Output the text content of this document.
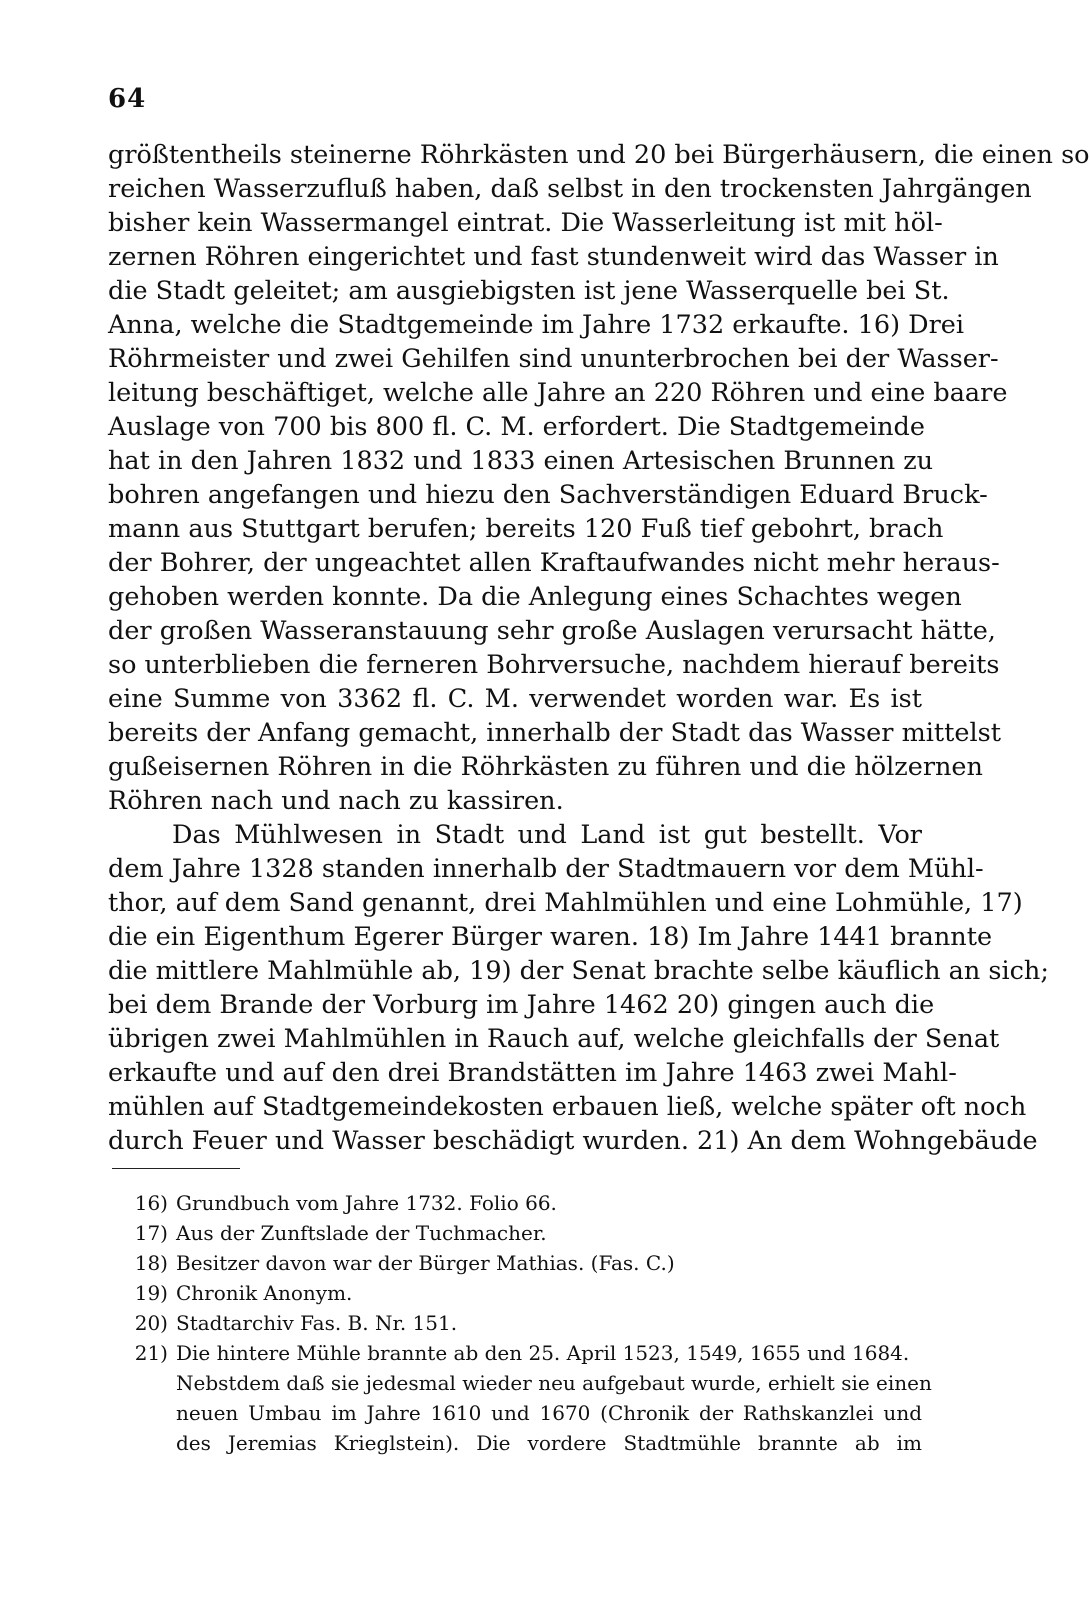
64
größtentheils steinerne Röhrkästen und 20 bei Bürgerhäusern, die einen so
reichen Wasserzufluß haben, daß selbst in den trockensten Jahrgängen
bisher kein Wassermangel eintrat. Die Wasserleitung ist mit höl-
zernen Röhren eingerichtet und fast stundenweit wird das Wasser in
die Stadt geleitet; am ausgiebigsten ist jene Wasserquelle bei St.
Anna, welche die Stadtgemeinde im Jahre 1732 erkaufte. 16) Drei
Röhrmeister und zwei Gehilfen sind ununterbrochen bei der Wasser-
leitung beschäftiget, welche alle Jahre an 220 Röhren und eine baare
Auslage von 700 bis 800 fl. C. M. erfordert. Die Stadtgemeinde
hat in den Jahren 1832 und 1833 einen Artesischen Brunnen zu
bohren angefangen und hiezu den Sachverständigen Eduard Bruck-
mann aus Stuttgart berufen; bereits 120 Fuß tief gebohrt, brach
der Bohrer, der ungeachtet allen Kraftaufwandes nicht mehr heraus-
gehoben werden konnte. Da die Anlegung eines Schachtes wegen
der großen Wasseranstauung sehr große Auslagen verursacht hätte,
so unterblieben die ferneren Bohrversuche, nachdem hierauf bereits
eine Summe von 3362 fl. C. M. verwendet worden war. Es ist
bereits der Anfang gemacht, innerhalb der Stadt das Wasser mittelst
gußeisernen Röhren in die Röhrkästen zu führen und die hölzernen
Röhren nach und nach zu kassiren.
Das Mühlwesen in Stadt und Land ist gut bestellt. Vor
dem Jahre 1328 standen innerhalb der Stadtmauern vor dem Mühl-
thor, auf dem Sand genannt, drei Mahlmühlen und eine Lohmühle, 17)
die ein Eigenthum Egerer Bürger waren. 18) Im Jahre 1441 brannte
die mittlere Mahlmühle ab, 19) der Senat brachte selbe käuflich an sich;
bei dem Brande der Vorburg im Jahre 1462 20) gingen auch die
übrigen zwei Mahlmühlen in Rauch auf, welche gleichfalls der Senat
erkaufte und auf den drei Brandstätten im Jahre 1463 zwei Mahl-
mühlen auf Stadtgemeindekosten erbauen ließ, welche später oft noch
durch Feuer und Wasser beschädigt wurden. 21) An dem Wohngebäude
16) Grundbuch vom Jahre 1732. Folio 66.
17) Aus der Zunftslade der Tuchmacher.
18) Besitzer davon war der Bürger Mathias. (Fas. C.)
19) Chronik Anonym.
20) Stadtarchiv Fas. B. Nr. 151.
21) Die hintere Mühle brannte ab den 25. April 1523, 1549, 1655 und 1684.
Nebstdem daß sie jedesmal wieder neu aufgebaut wurde, erhielt sie einen
neuen Umbau im Jahre 1610 und 1670 (Chronik der Rathskanzlei und
des Jeremias Krieglstein). Die vordere Stadtmühle brannte ab im
